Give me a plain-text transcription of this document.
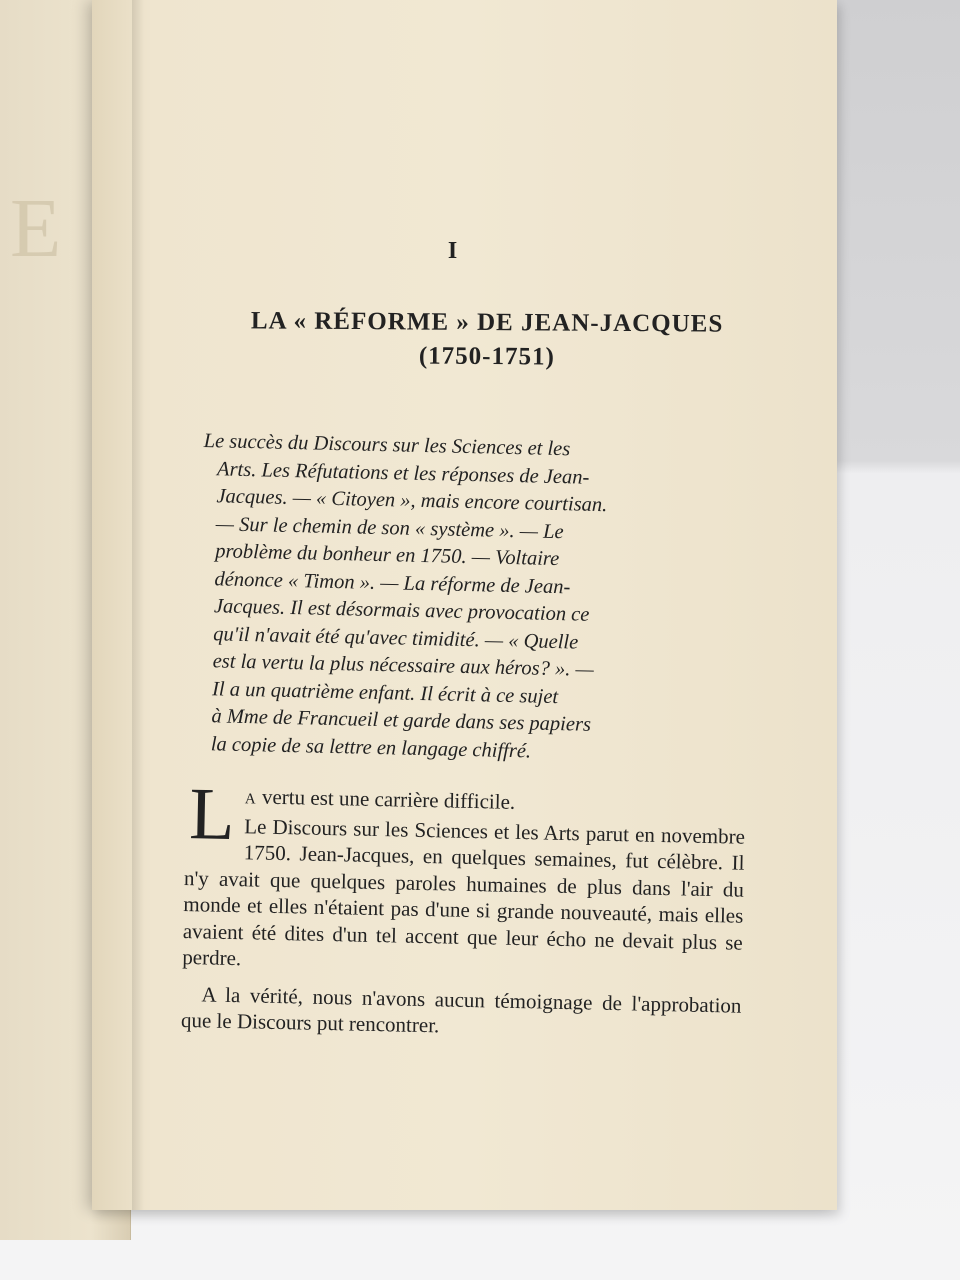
E	I
LA « RÉFORME » DE JEAN-JACQUES
(1750-1751)
Le succès du Discours sur les Sciences et les
Arts. Les Réfutations et les réponses de Jean-
Jacques. — « Citoyen », mais encore courtisan.
— Sur le chemin de son « système ». — Le
problème du bonheur en 1750. — Voltaire
dénonce « Timon ». — La réforme de Jean-
Jacques. Il est désormais avec provocation ce
qu'il n'avait été qu'avec timidité. — « Quelle
est la vertu la plus nécessaire aux héros? ». —
Il a un quatrième enfant. Il écrit à ce sujet
à Mme de Francueil et garde dans ses papiers
la copie de sa lettre en langage chiffré.

L A vertu est une carrière difficile.
Le Discours sur les Sciences et les Arts parut en novembre 1750. Jean-Jacques, en quelques semaines, fut célèbre. Il n'y avait que quelques paroles humaines de plus dans l'air du monde et elles n'étaient pas d'une si grande nouveauté, mais elles avaient été dites d'un tel accent que leur écho ne devait plus se perdre.

A la vérité, nous n'avons aucun témoignage de l'approbation que le Discours put rencontrer.
